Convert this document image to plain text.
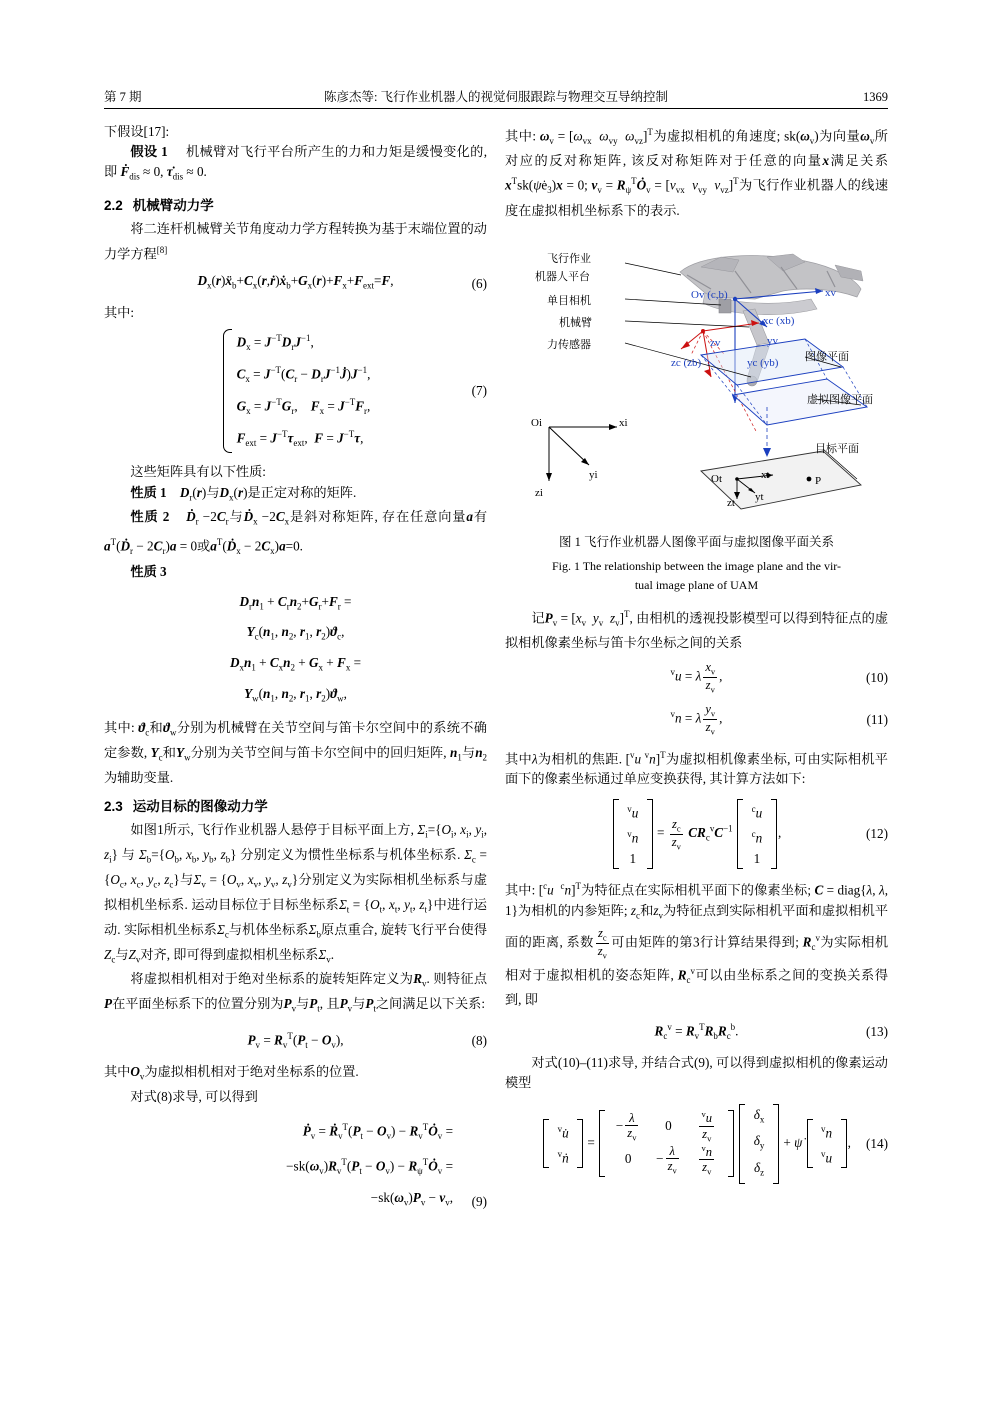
第 7 期	陈彦杰等: 飞行作业机器人的视觉伺服跟踪与物理交互导纳控制	1369

下假设[17]:

假设 1 机械臂对飞行平台所产生的力和力矩是缓慢变化的, 即 Ḟ$_{dis}$ ≈ 0, $\tau̇_{dis} \approx 0$.

2.2 机械臂动力学

将二连杆机械臂关节角度动力学方程转换为基于末端位置的动力学方程[8]

$D_x(r)ẍ_b+C_x(r,ṙ)ẋ_b+G_x(r)+F_x+F_{ext}=F$,	(6)

其中:

$D_x = J^{-T}D_rJ^{-1}$,
$C_x = J^{-T}(C_r$ − $D_rJ^{-1}J̇)J^{-1}$,
$G_x = J^{-T}G_r$,    $F_x = J^{-T}F_r$,
$F_{ext} = J^{-T}\tau_{ext}$,  $F = J^{-T}\tau$,
(7)

这些矩阵具有以下性质:

性质 1 $D_r(r)$与$D_x(r)$是正定对称的矩阵.

性质 2 Ḋ$_r$ $-2C_r$与Ḋ$_x$ $-2C_x$是斜对称矩阵, 存在任意向量a有$a^T(Ḋ_r - 2C_r)a = 0$或$a^T(Ḋ_x - 2C_x)a=0$.

性质 3

$D_rn_1 + C_rn_2+G_r+F_r$ =
$Y_c(n_1$, $n_2$, $r_1$, $r_2)ϑ_c$,
$D_xn_1 + C_xn_2 + G_x + F_x$ =
$Y_w(n_1$, $n_2$, $r_1$, $r_2)ϑ_w$,

其中: $ϑ_c$和$ϑ_w$分别为机械臂在关节空间与笛卡尔空间中的系统不确定参数, $Y_c$和$Y_w$分别为关节空间与笛卡尔空间中的回归矩阵, $n_1$与$n_2$为辅助变量.

2.3 运动目标的图像动力学

如图1所示, 飞行作业机器人悬停于目标平面上方, $\Sigma_i=\{O_i$, $x_i$, $y_i$, $z_i$} 与 $\Sigma_b=\{O_b$, $x_b$, $y_b$, $z_b$} 分别定义为惯性坐标系与机体坐标系. $\Sigma_c = \{O_c$, $x_c$, $y_c$, $z_c$}与$\Sigma_v = \{O_v$, $x_v$, $y_v$, $z_v$}分别定义为实际相机坐标系与虚拟相机坐标系. 运动目标位于目标坐标系$\Sigma_t = \{O_t$, $x_t$, $y_t$, $z_t$}中进行运动. 实际相机坐标系$\Sigma_c$与机体坐标系$\Sigma_b$原点重合, 旋转飞行平台使得$Z_c$与$Z_v$对齐, 即可得到虚拟相机坐标系$\Sigma_v$.

将虚拟相机相对于绝对坐标系的旋转矩阵定义为$R_v$. 则特征点P在平面坐标系下的位置分别为$P_v$与$P_t$, 且$P_v$与$P_t$之间满足以下关系:

$P_v = R_v^T(P_t - O_v)$,	(8)

其中$O_v$为虚拟相机相对于绝对坐标系的位置.

对式(8)求导, 可以得到

Ṗ$_v$ = $Ṙ_v^T(P_t - O_v)$ − $R_v^TȮ_v$ =
$-sk(\omega_v)R_v^T(P_t - O_v)$ − $R_\psi^TȮ_v$ =
$-sk(\omega_v)P_v - v_v$, (9)

其中: $\omega_v = [\omega_{vx}$ $\omega_{vy}$ $\omega_{vz}]^T$为虚拟相机的角速度; $sk(\omega_v)$为向量$\omega_v$所对应的反对称矩阵, 该反对称矩阵对于任意的向量x满足关系$x^Tsk(\psi̇e_3)x = 0$; $v_v$ = $R_\psi^TȮ_v = [v_{vx}$ $v_{vy}$ $v_{vz}]^T$为飞行作业机器人的线速度在虚拟相机坐标系下的表示.

飞行作业
机器人平台
单目相机
机械臂
力传感器
图像平面
虚拟图像平面
目标平面
Ov (c,b)	xv
xc (xb)
zv	yv
zc (zb)	yc (yb)
Oi	xi
zi
yi	Ot	xt
zt yt
P

图 1 飞行作业机器人图像平面与虚拟图像平面关系

Fig. 1 The relationship between the image plane and the vir-

tual image plane of UAM

记$P_v = [x_v$ $y_v$ $z_v]^T$, 由相机的透视投影模型可以得到特征点的虚拟相机像素坐标与笛卡尔坐标之间的关系

$^v$u = λ $\frac{x_v}{z_v}$ ,	(10)
$^v$n = λ $\frac{y_v}{z_v}$ ,	(11)

其中λ为相机的焦距. [$^v$u $^v$n]$^T$为虚拟相机像素坐标, 可由实际相机平面下的像素坐标通过单应变换获得, 其计算方法如下:

$^v$u
$^v$n
1
= $\frac{z_c}{z_v} CR_c^vC^{-1}$
$^c$u
$^c$n
1
,	(12)

其中: [$^c$u $^c$n]$^T$为特征点在实际相机平面下的像素坐标; C = diag{λ, λ, 1}为相机的内参矩阵; $z_c$和$z_v$为特征点到实际相机平面和虚拟相机平面的距离, 系数 $\frac{z_c}{z_v}$ 可由矩阵的第3行计算结果得到; $R_c^v$为实际相机相对于虚拟相机的姿态矩阵, $R_c^v$可以由坐标系之间的变换关系得到, 即

$R_c^v = R_v^TR_bR_c^b$.	(13)

对式(10)–(11)求导, 并结合式(9), 可以得到虚拟相机的像素运动模型

$^v$u̇
$^v$ṅ
=
− $\frac{\lambda}{z_v} 0$	$\frac{^vu}{z_v}$
$0 - \frac{\lambda}{z_v}$
$\frac{^vn}{z_v}$

$\delta_x$
$\delta_y$
$\delta_z$
+ ψ̇
$^v$n
$^v$u
, (14)
